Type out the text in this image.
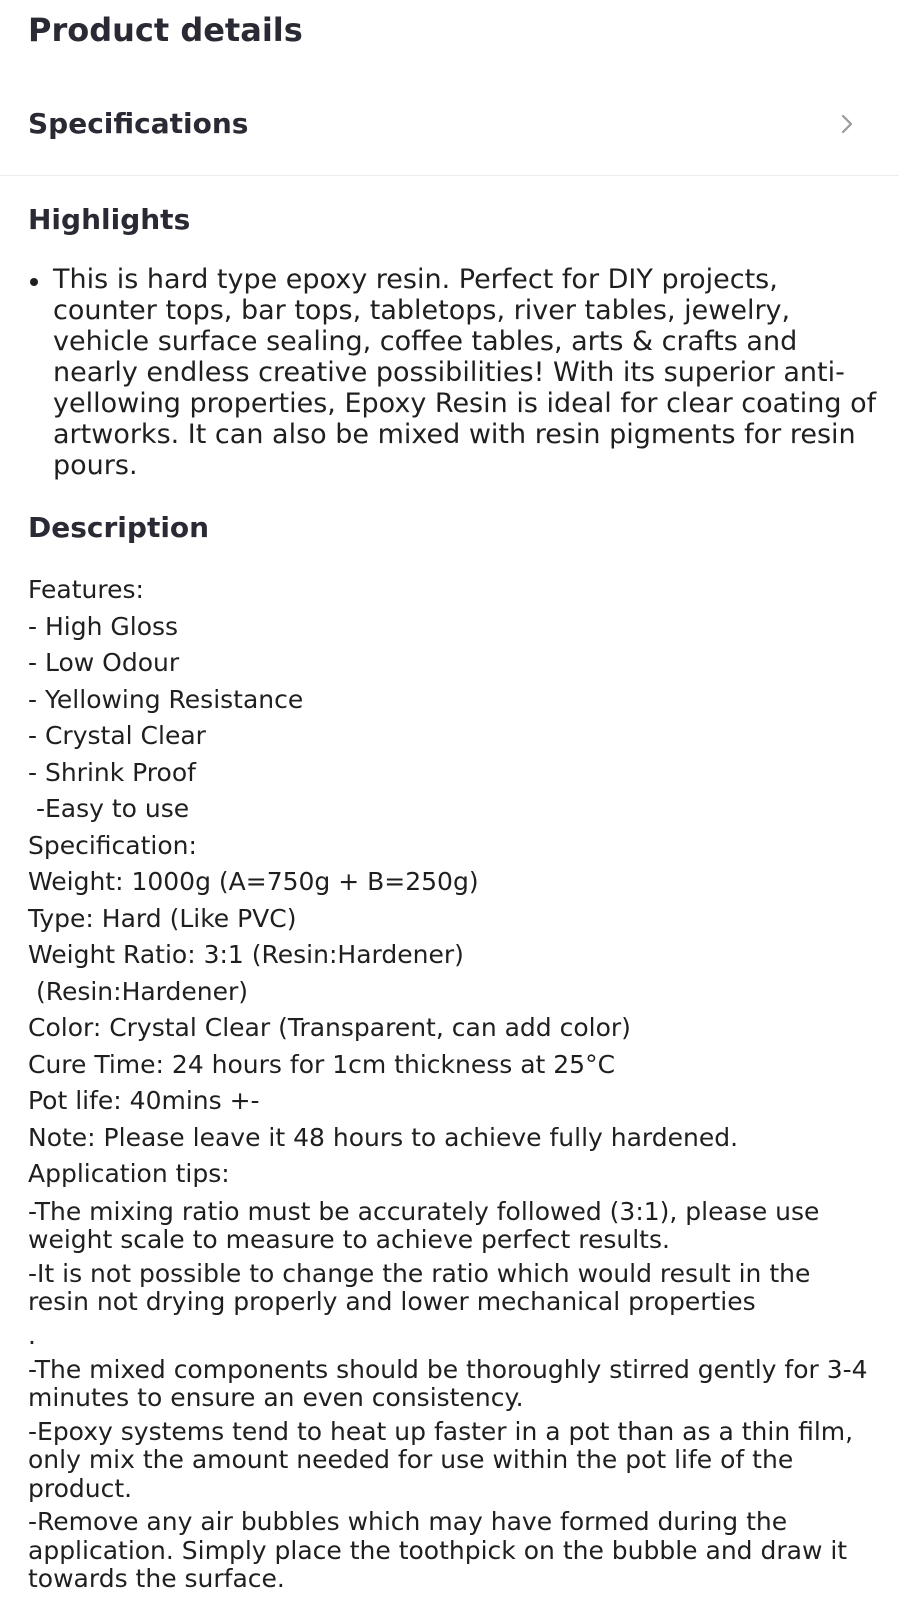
Product details
Specifications
Highlights
This is hard type epoxy resin. Perfect for DIY projects, counter tops, bar tops, tabletops, river tables, jewelry, vehicle surface sealing, coffee tables, arts & crafts and nearly endless creative possibilities! With its superior anti-yellowing properties, Epoxy Resin is ideal for clear coating of artworks. It can also be mixed with resin pigments for resin pours.
Description
Features:
- High Gloss
- Low Odour
- Yellowing Resistance
- Crystal Clear
- Shrink Proof
-Easy to use
Specification:
Weight: 1000g (A=750g + B=250g)
Type: Hard (Like PVC)
Weight Ratio: 3:1 (Resin:Hardener)
(Resin:Hardener)
Color: Crystal Clear (Transparent, can add color)
Cure Time: 24 hours for 1cm thickness at 25°C
Pot life: 40mins +-
Note: Please leave it 48 hours to achieve fully hardened.
Application tips:
-The mixing ratio must be accurately followed (3:1), please use weight scale to measure to achieve perfect results.
-It is not possible to change the ratio which would result in the resin not drying properly and lower mechanical properties
.
-The mixed components should be thoroughly stirred gently for 3-4 minutes to ensure an even consistency.
-Epoxy systems tend to heat up faster in a pot than as a thin film, only mix the amount needed for use within the pot life of the product.
-Remove any air bubbles which may have formed during the application. Simply place the toothpick on the bubble and draw it towards the surface.
